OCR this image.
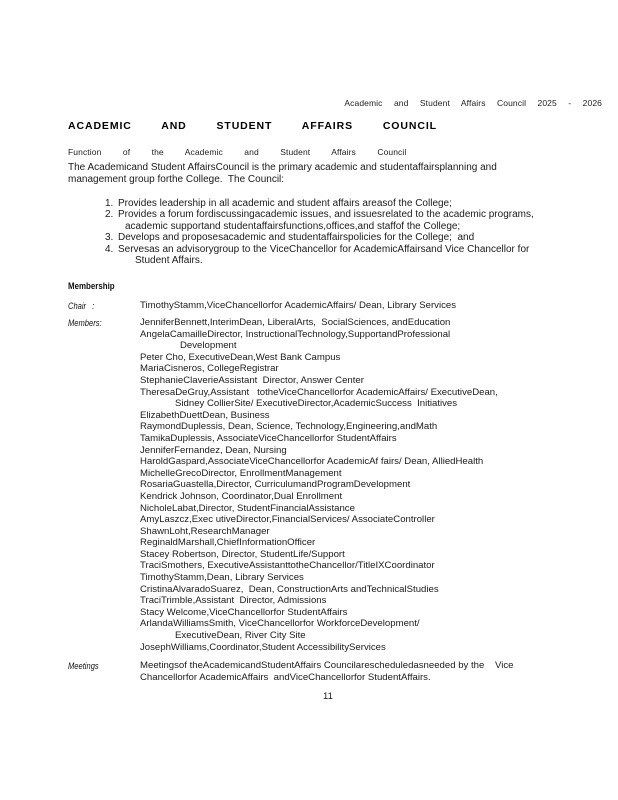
Academic and Student Affairs Council 2025 - 2026
ACADEMIC AND STUDENT AFFAIRS COUNCIL
Function of the Academic and Student Affairs Council
The Academicand Student AffairsCouncil is the primary academic and studentaffairsplanning and
management group forthe College.  The Council:
1. Provides leadership in all academic and student affairs areasof the College;
2. Provides a forum fordiscussingacademic issues, and issuesrelated to the academic programs,
academic supportand studentaffairsfunctions,offices,and staffof the College;
3. Develops and proposesacademic and studentaffairspolicies for the College;  and
4. Servesas an advisorygroup to the ViceChancellor for AcademicAffairsand Vice Chancellor for
Student Affairs.
Membership
Chair :	TimothyStamm,ViceChancellorfor AcademicAffairs/ Dean, Library Services
Members:	JenniferBennett,InterimDean, LiberalArts,  SocialSciences, andEducation
AngelaCamailleDirector, InstructionalTechnology,SupportandProfessional
Development
Peter Cho, ExecutiveDean,West Bank Campus
MariaCisneros, CollegeRegistrar
StephanieClaverieAssistant  Director, Answer Center
TheresaDeGruy,Assistant   totheViceChancellorfor AcademicAffairs/ ExecutiveDean,
Sidney CollierSite/ ExecutiveDirector,AcademicSuccess  Initiatives
ElizabethDuettDean, Business
RaymondDuplessis, Dean, Science, Technology,Engineering,andMath
TamikaDuplessis, AssociateViceChancellorfor StudentAffairs
JenniferFernandez, Dean, Nursing
HaroldGaspard,AssociateViceChancellorfor AcademicAf fairs/ Dean, AlliedHealth
MichelleGrecoDirector, EnrollmentManagement
RosariaGuastella,Director, CurriculumandProgramDevelopment
Kendrick Johnson, Coordinator,Dual Enrollment
NicholeLabat,Director, StudentFinancialAssistance
AmyLaszcz,Exec utiveDirector,FinancialServices/ AssociateController
ShawnLoht,ResearchManager
ReginaldMarshall,ChiefInformationOfficer
Stacey Robertson, Director, StudentLife/Support
TraciSmothers, ExecutiveAssistanttotheChancellor/TitleIXCoordinator
TimothyStamm,Dean, Library Services
CristinaAlvaradoSuarez,  Dean, ConstructionArts andTechnicalStudies
TraciTrimble,Assistant  Director, Admissions
Stacy Welcome,ViceChancellorfor StudentAffairs
ArlandaWilliamsSmith, ViceChancellorfor WorkforceDevelopment/
ExecutiveDean, River City Site
JosephWilliams,Coordinator,Student AccessibilityServices
Meetings	Meetingsof theAcademicandStudentAffairs Councilarescheduledasneeded by the    Vice
Chancellorfor AcademicAffairs  andViceChancellorfor StudentAffairs.
11
